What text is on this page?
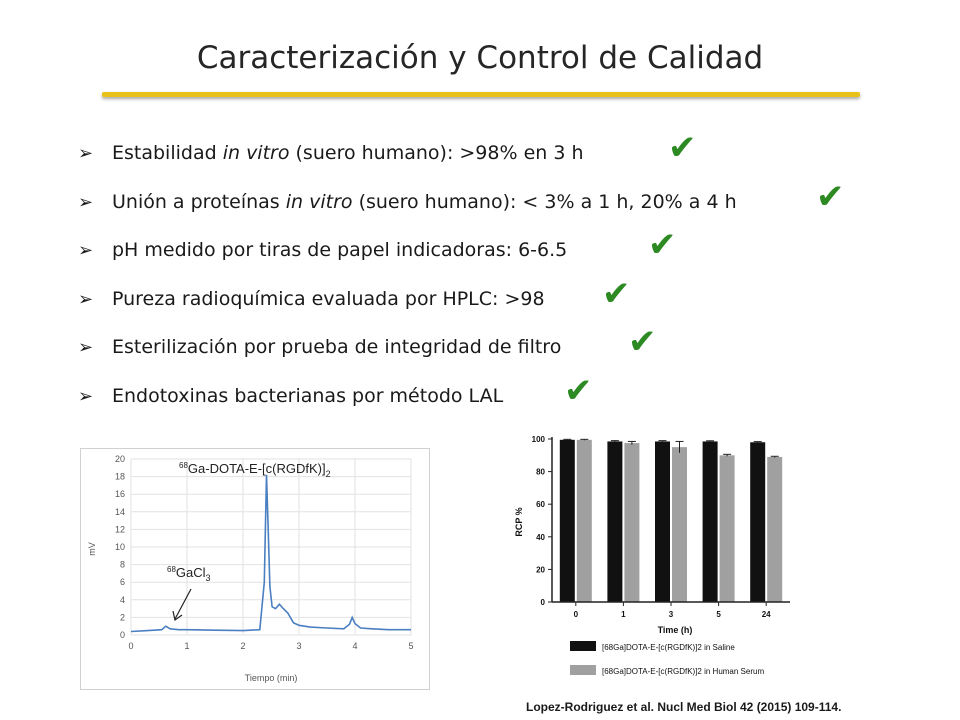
Caracterización y Control de Calidad
➢ Estabilidad in vitro (suero humano): >98% en 3 h ✔
➢ Unión a proteínas in vitro (suero humano): < 3% a 1 h, 20% a 4 h ✔
➢ pH medido por tiras de papel indicadoras: 6-6.5 ✔
➢ Pureza radioquímica evaluada por HPLC: >98 ✔
➢ Esterilización por prueba de integridad de filtro ✔
➢ Endotoxinas bacterianas por método LAL ✔
0
2
4
6
8
10
12
14
16
18
20
0	1	2	3	4	5
mV
Tiempo (min)
$^{68}Ga-DOTA-E-[c(RGDfK)]_2$
$^{68}$GaCl$_3$
0
20
40
60
80
100
0	1	3	5	24
RCP %
Time (h)
[68Ga]DOTA-E-[c(RGDfK)]2 in Saline
[68Ga]DOTA-E-[c(RGDfK)]2 in Human Serum
Lopez-Rodriguez et al. Nucl Med Biol 42 (2015) 109-114.
